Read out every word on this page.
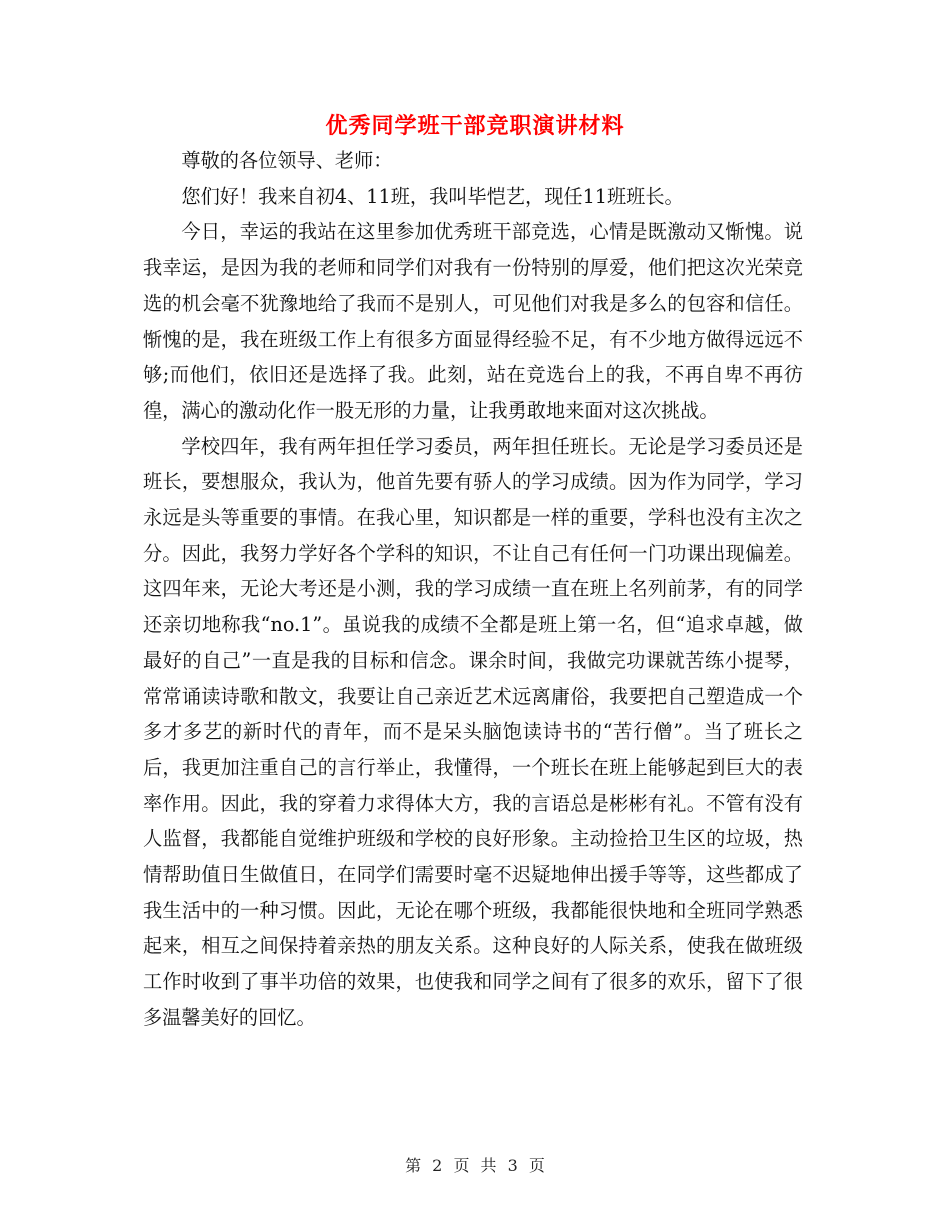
优秀同学班干部竞职演讲材料

尊敬的各位领导、老师：

您们好！我来自初4、11班，我叫毕恺艺，现任11班班长。

今日，幸运的我站在这里参加优秀班干部竞选，心情是既激动又惭愧。说我幸运，是因为我的老师和同学们对我有一份特别的厚爱，他们把这次光荣竞选的机会毫不犹豫地给了我而不是别人，可见他们对我是多么的包容和信任。惭愧的是，我在班级工作上有很多方面显得经验不足，有不少地方做得远远不够;而他们，依旧还是选择了我。此刻，站在竞选台上的我，不再自卑不再彷徨，满心的激动化作一股无形的力量，让我勇敢地来面对这次挑战。

学校四年，我有两年担任学习委员，两年担任班长。无论是学习委员还是班长，要想服众，我认为，他首先要有骄人的学习成绩。因为作为同学，学习永远是头等重要的事情。在我心里，知识都是一样的重要，学科也没有主次之分。因此，我努力学好各个学科的知识，不让自己有任何一门功课出现偏差。这四年来，无论大考还是小测，我的学习成绩一直在班上名列前茅，有的同学还亲切地称我“no.1”。虽说我的成绩不全都是班上第一名，但“追求卓越，做最好的自己”一直是我的目标和信念。课余时间，我做完功课就苦练小提琴，常常诵读诗歌和散文，我要让自己亲近艺术远离庸俗，我要把自己塑造成一个多才多艺的新时代的青年，而不是呆头脑饱读诗书的“苦行僧”。当了班长之后，我更加注重自己的言行举止，我懂得，一个班长在班上能够起到巨大的表率作用。因此，我的穿着力求得体大方，我的言语总是彬彬有礼。不管有没有人监督，我都能自觉维护班级和学校的良好形象。主动捡拾卫生区的垃圾，热情帮助值日生做值日，在同学们需要时毫不迟疑地伸出援手等等，这些都成了我生活中的一种习惯。因此，无论在哪个班级，我都能很快地和全班同学熟悉起来，相互之间保持着亲热的朋友关系。这种良好的人际关系，使我在做班级工作时收到了事半功倍的效果，也使我和同学之间有了很多的欢乐，留下了很多温馨美好的回忆。

第 2 页 共 3 页
